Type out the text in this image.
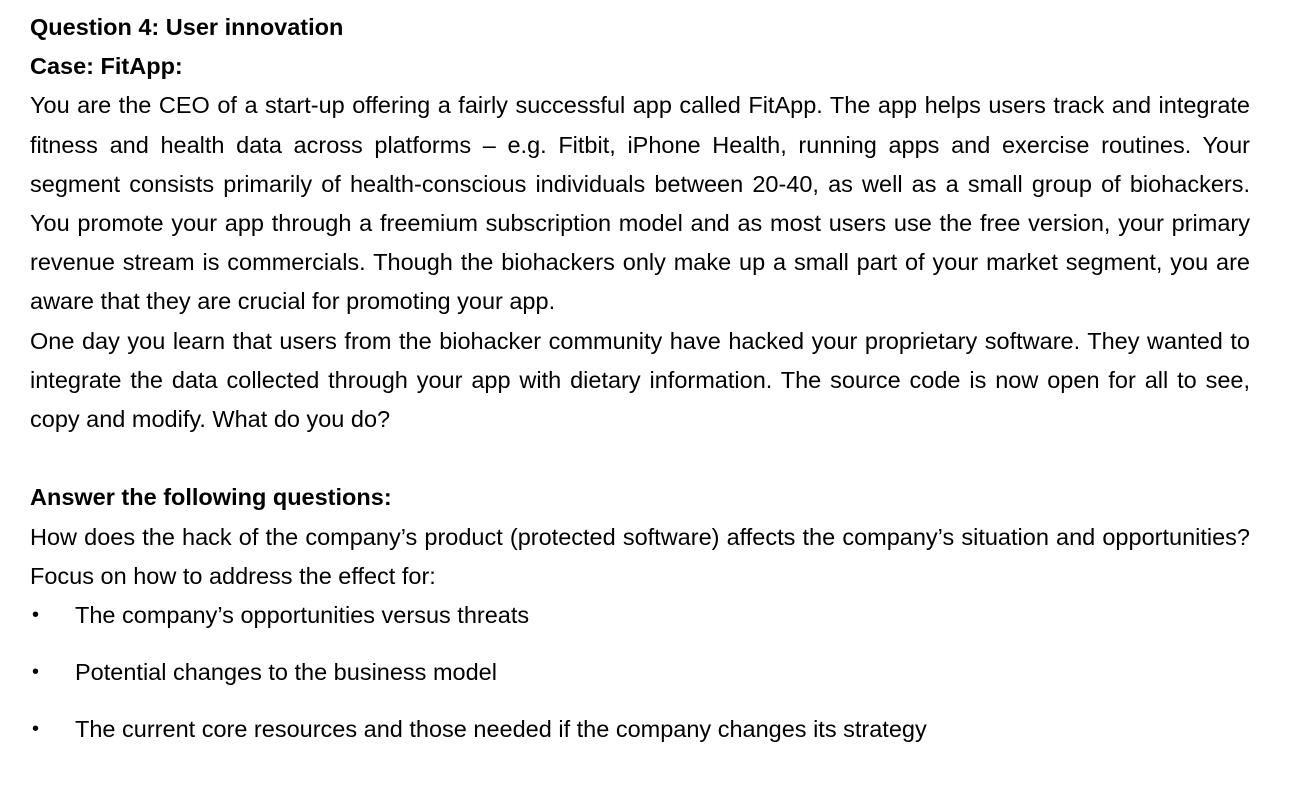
Question 4: User innovation

Case: FitApp:

You are the CEO of a start-up offering a fairly successful app called FitApp. The app helps users track and integrate fitness and health data across platforms – e.g. Fitbit, iPhone Health, running apps and exercise routines. Your segment consists primarily of health-conscious individuals between 20-40, as well as a small group of biohackers. You promote your app through a freemium subscription model and as most users use the free version, your primary revenue stream is commercials. Though the biohackers only make up a small part of your market segment, you are aware that they are crucial for promoting your app.

One day you learn that users from the biohacker community have hacked your proprietary software. They wanted to integrate the data collected through your app with dietary information. The source code is now open for all to see, copy and modify. What do you do?

Answer the following questions:

How does the hack of the company’s product (protected software) affects the company’s situation and opportunities? Focus on how to address the effect for:

• The company’s opportunities versus threats
• Potential changes to the business model
• The current core resources and those needed if the company changes its strategy
